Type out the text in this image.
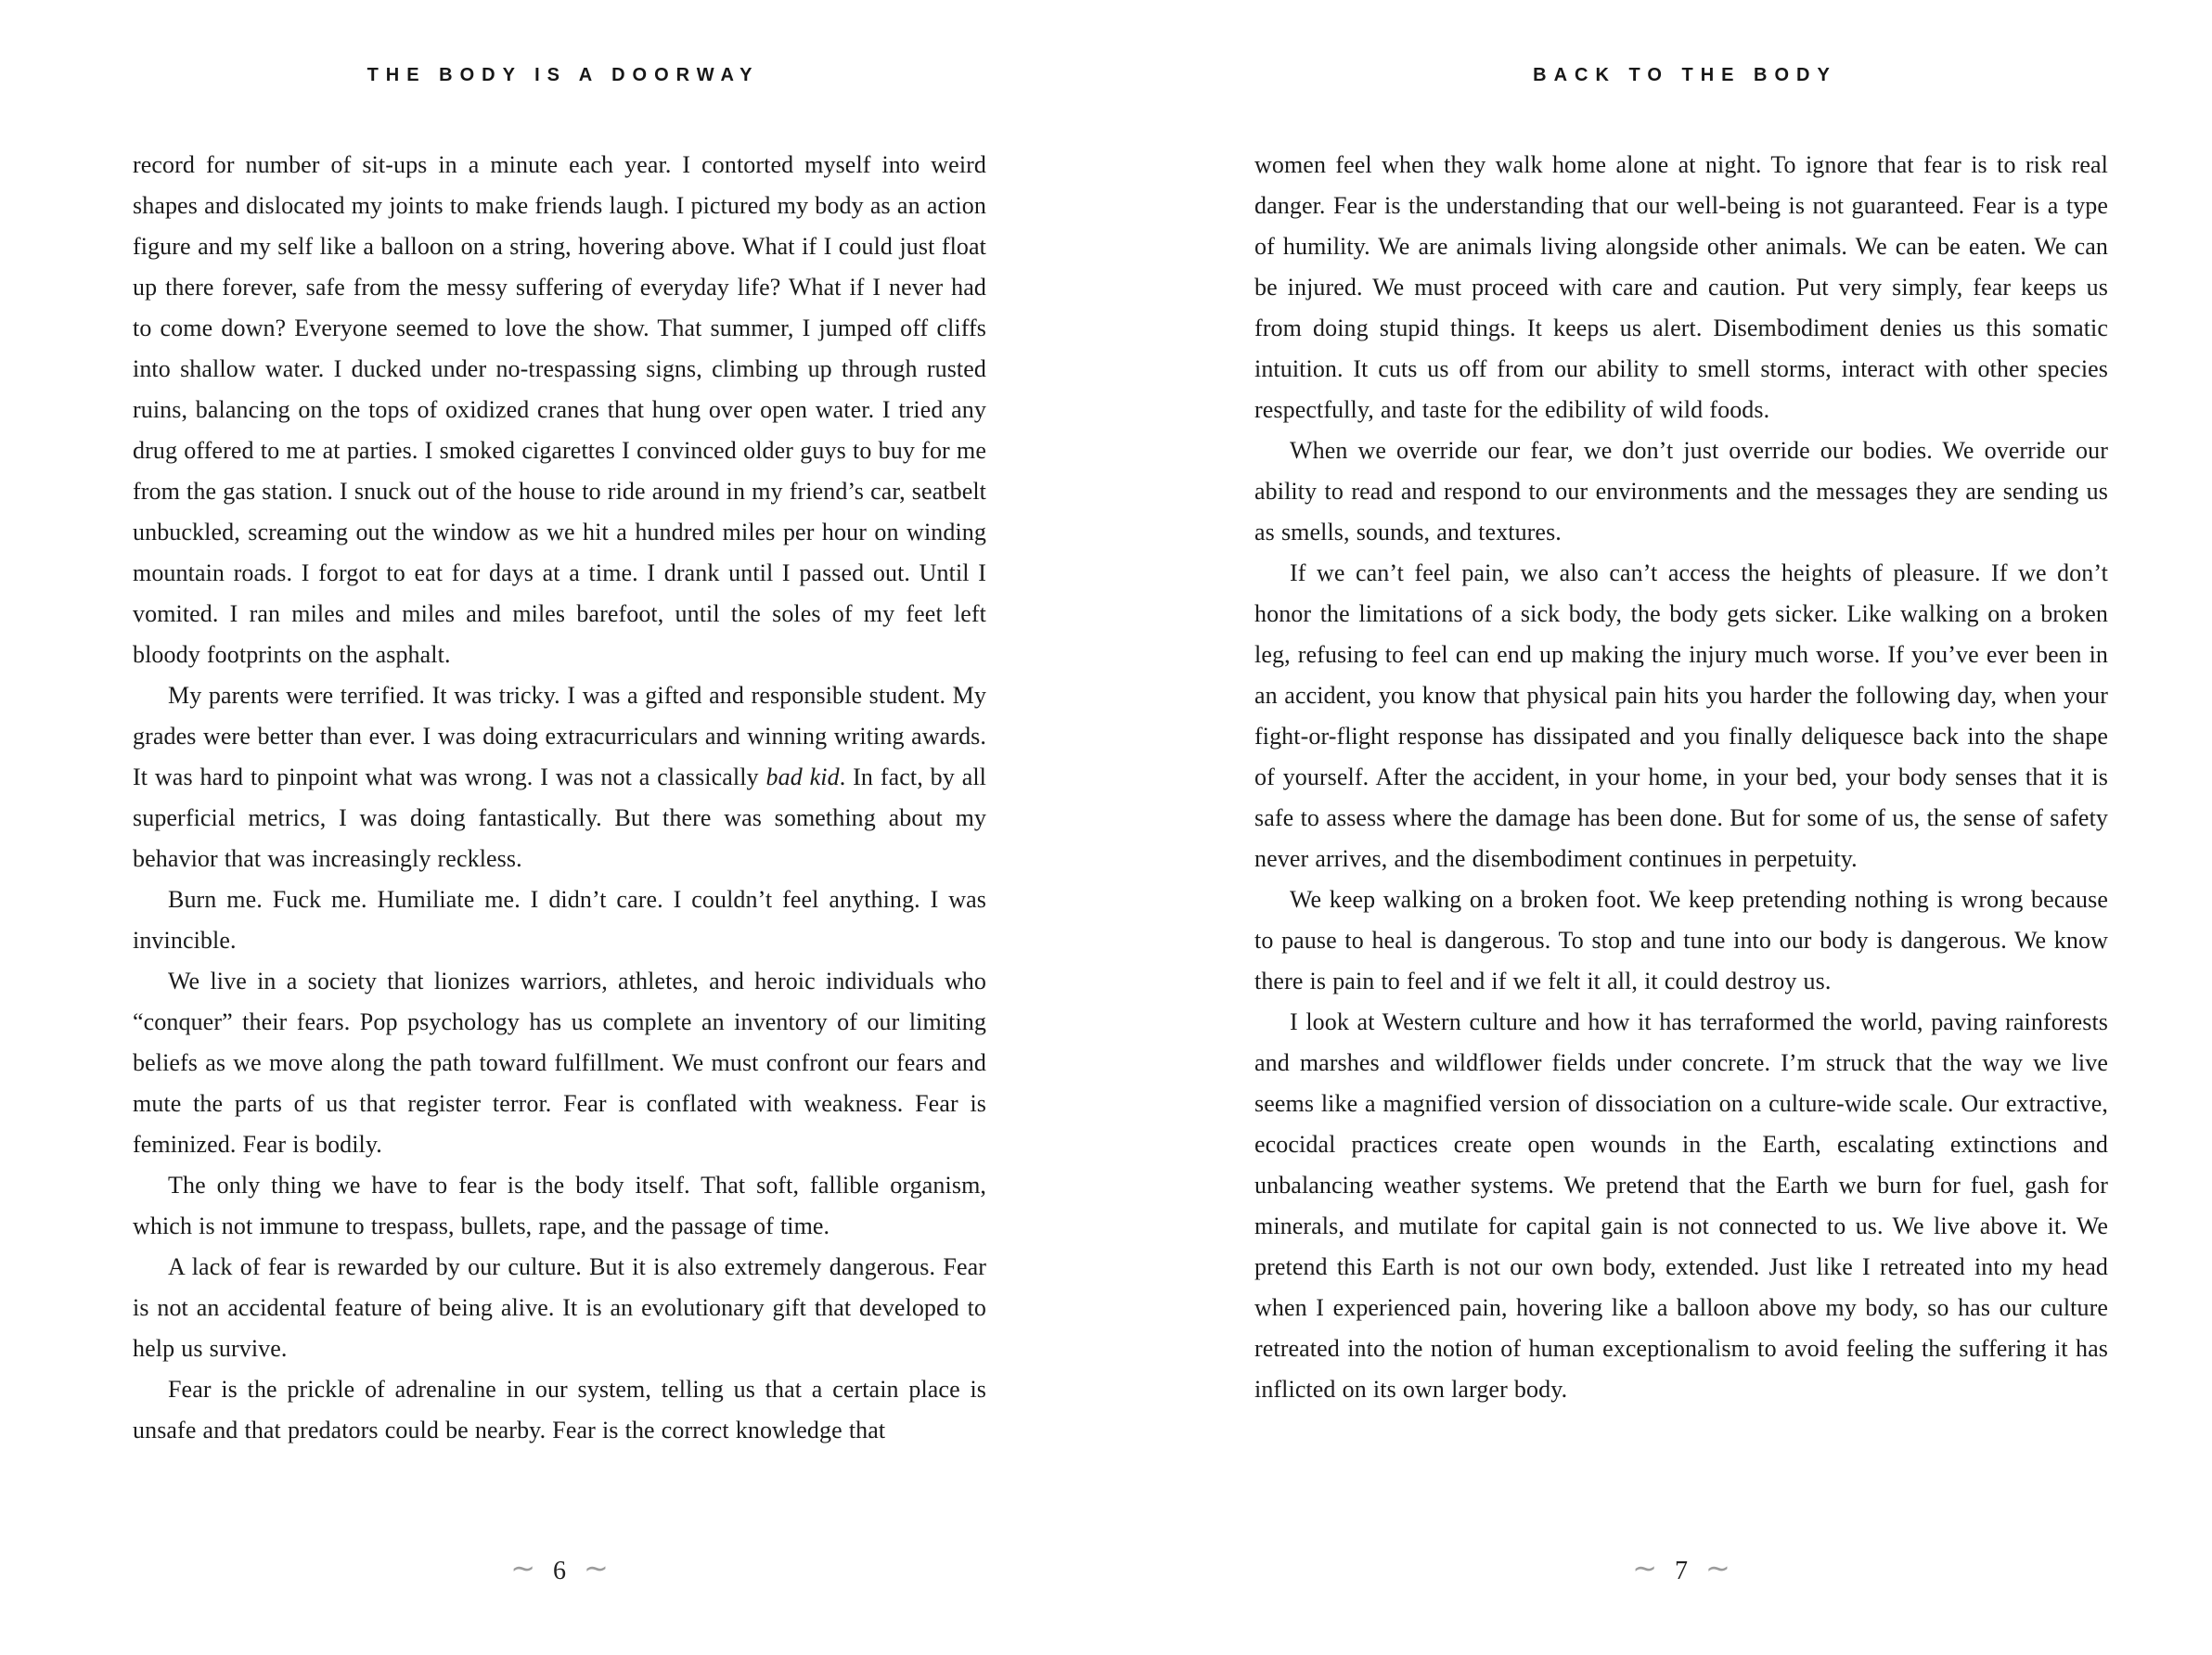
THE BODY IS A DOORWAY

record for number of sit-ups in a minute each year. I contorted myself into weird shapes and dislocated my joints to make friends laugh. I pictured my body as an action figure and my self like a balloon on a string, hovering above. What if I could just float up there forever, safe from the messy suffering of everyday life? What if I never had to come down? Everyone seemed to love the show. That summer, I jumped off cliffs into shallow water. I ducked under no-trespassing signs, climbing up through rusted ruins, balancing on the tops of oxidized cranes that hung over open water. I tried any drug offered to me at parties. I smoked cigarettes I convinced older guys to buy for me from the gas station. I snuck out of the house to ride around in my friend’s car, seatbelt unbuckled, screaming out the window as we hit a hundred miles per hour on winding mountain roads. I forgot to eat for days at a time. I drank until I passed out. Until I vomited. I ran miles and miles and miles barefoot, until the soles of my feet left bloody footprints on the asphalt.

My parents were terrified. It was tricky. I was a gifted and responsible student. My grades were better than ever. I was doing extracurriculars and winning writing awards. It was hard to pinpoint what was wrong. I was not a classically bad kid. In fact, by all superficial metrics, I was doing fantastically. But there was something about my behavior that was increasingly reckless.

Burn me. Fuck me. Humiliate me. I didn’t care. I couldn’t feel anything. I was invincible.

We live in a society that lionizes warriors, athletes, and heroic individuals who “conquer” their fears. Pop psychology has us complete an inventory of our limiting beliefs as we move along the path toward fulfillment. We must confront our fears and mute the parts of us that register terror. Fear is conflated with weakness. Fear is feminized. Fear is bodily.

The only thing we have to fear is the body itself. That soft, fallible organism, which is not immune to trespass, bullets, rape, and the passage of time.

A lack of fear is rewarded by our culture. But it is also extremely dangerous. Fear is not an accidental feature of being alive. It is an evolutionary gift that developed to help us survive.

Fear is the prickle of adrenaline in our system, telling us that a certain place is unsafe and that predators could be nearby. Fear is the correct knowledge that

∼ 6 ∼
BACK TO THE BODY

women feel when they walk home alone at night. To ignore that fear is to risk real danger. Fear is the understanding that our well-being is not guaranteed. Fear is a type of humility. We are animals living alongside other animals. We can be eaten. We can be injured. We must proceed with care and caution. Put very simply, fear keeps us from doing stupid things. It keeps us alert. Disembodiment denies us this somatic intuition. It cuts us off from our ability to smell storms, interact with other species respectfully, and taste for the edibility of wild foods.

When we override our fear, we don’t just override our bodies. We override our ability to read and respond to our environments and the messages they are sending us as smells, sounds, and textures.

If we can’t feel pain, we also can’t access the heights of pleasure. If we don’t honor the limitations of a sick body, the body gets sicker. Like walking on a broken leg, refusing to feel can end up making the injury much worse. If you’ve ever been in an accident, you know that physical pain hits you harder the following day, when your fight-or-flight response has dissipated and you finally deliquesce back into the shape of yourself. After the accident, in your home, in your bed, your body senses that it is safe to assess where the damage has been done. But for some of us, the sense of safety never arrives, and the disembodiment continues in perpetuity.

We keep walking on a broken foot. We keep pretending nothing is wrong because to pause to heal is dangerous. To stop and tune into our body is dangerous. We know there is pain to feel and if we felt it all, it could destroy us.

I look at Western culture and how it has terraformed the world, paving rainforests and marshes and wildflower fields under concrete. I’m struck that the way we live seems like a magnified version of dissociation on a culture-wide scale. Our extractive, ecocidal practices create open wounds in the Earth, escalating extinctions and unbalancing weather systems. We pretend that the Earth we burn for fuel, gash for minerals, and mutilate for capital gain is not connected to us. We live above it. We pretend this Earth is not our own body, extended. Just like I retreated into my head when I experienced pain, hovering like a balloon above my body, so has our culture retreated into the notion of human exceptionalism to avoid feeling the suffering it has inflicted on its own larger body.

∼ 7 ∼
